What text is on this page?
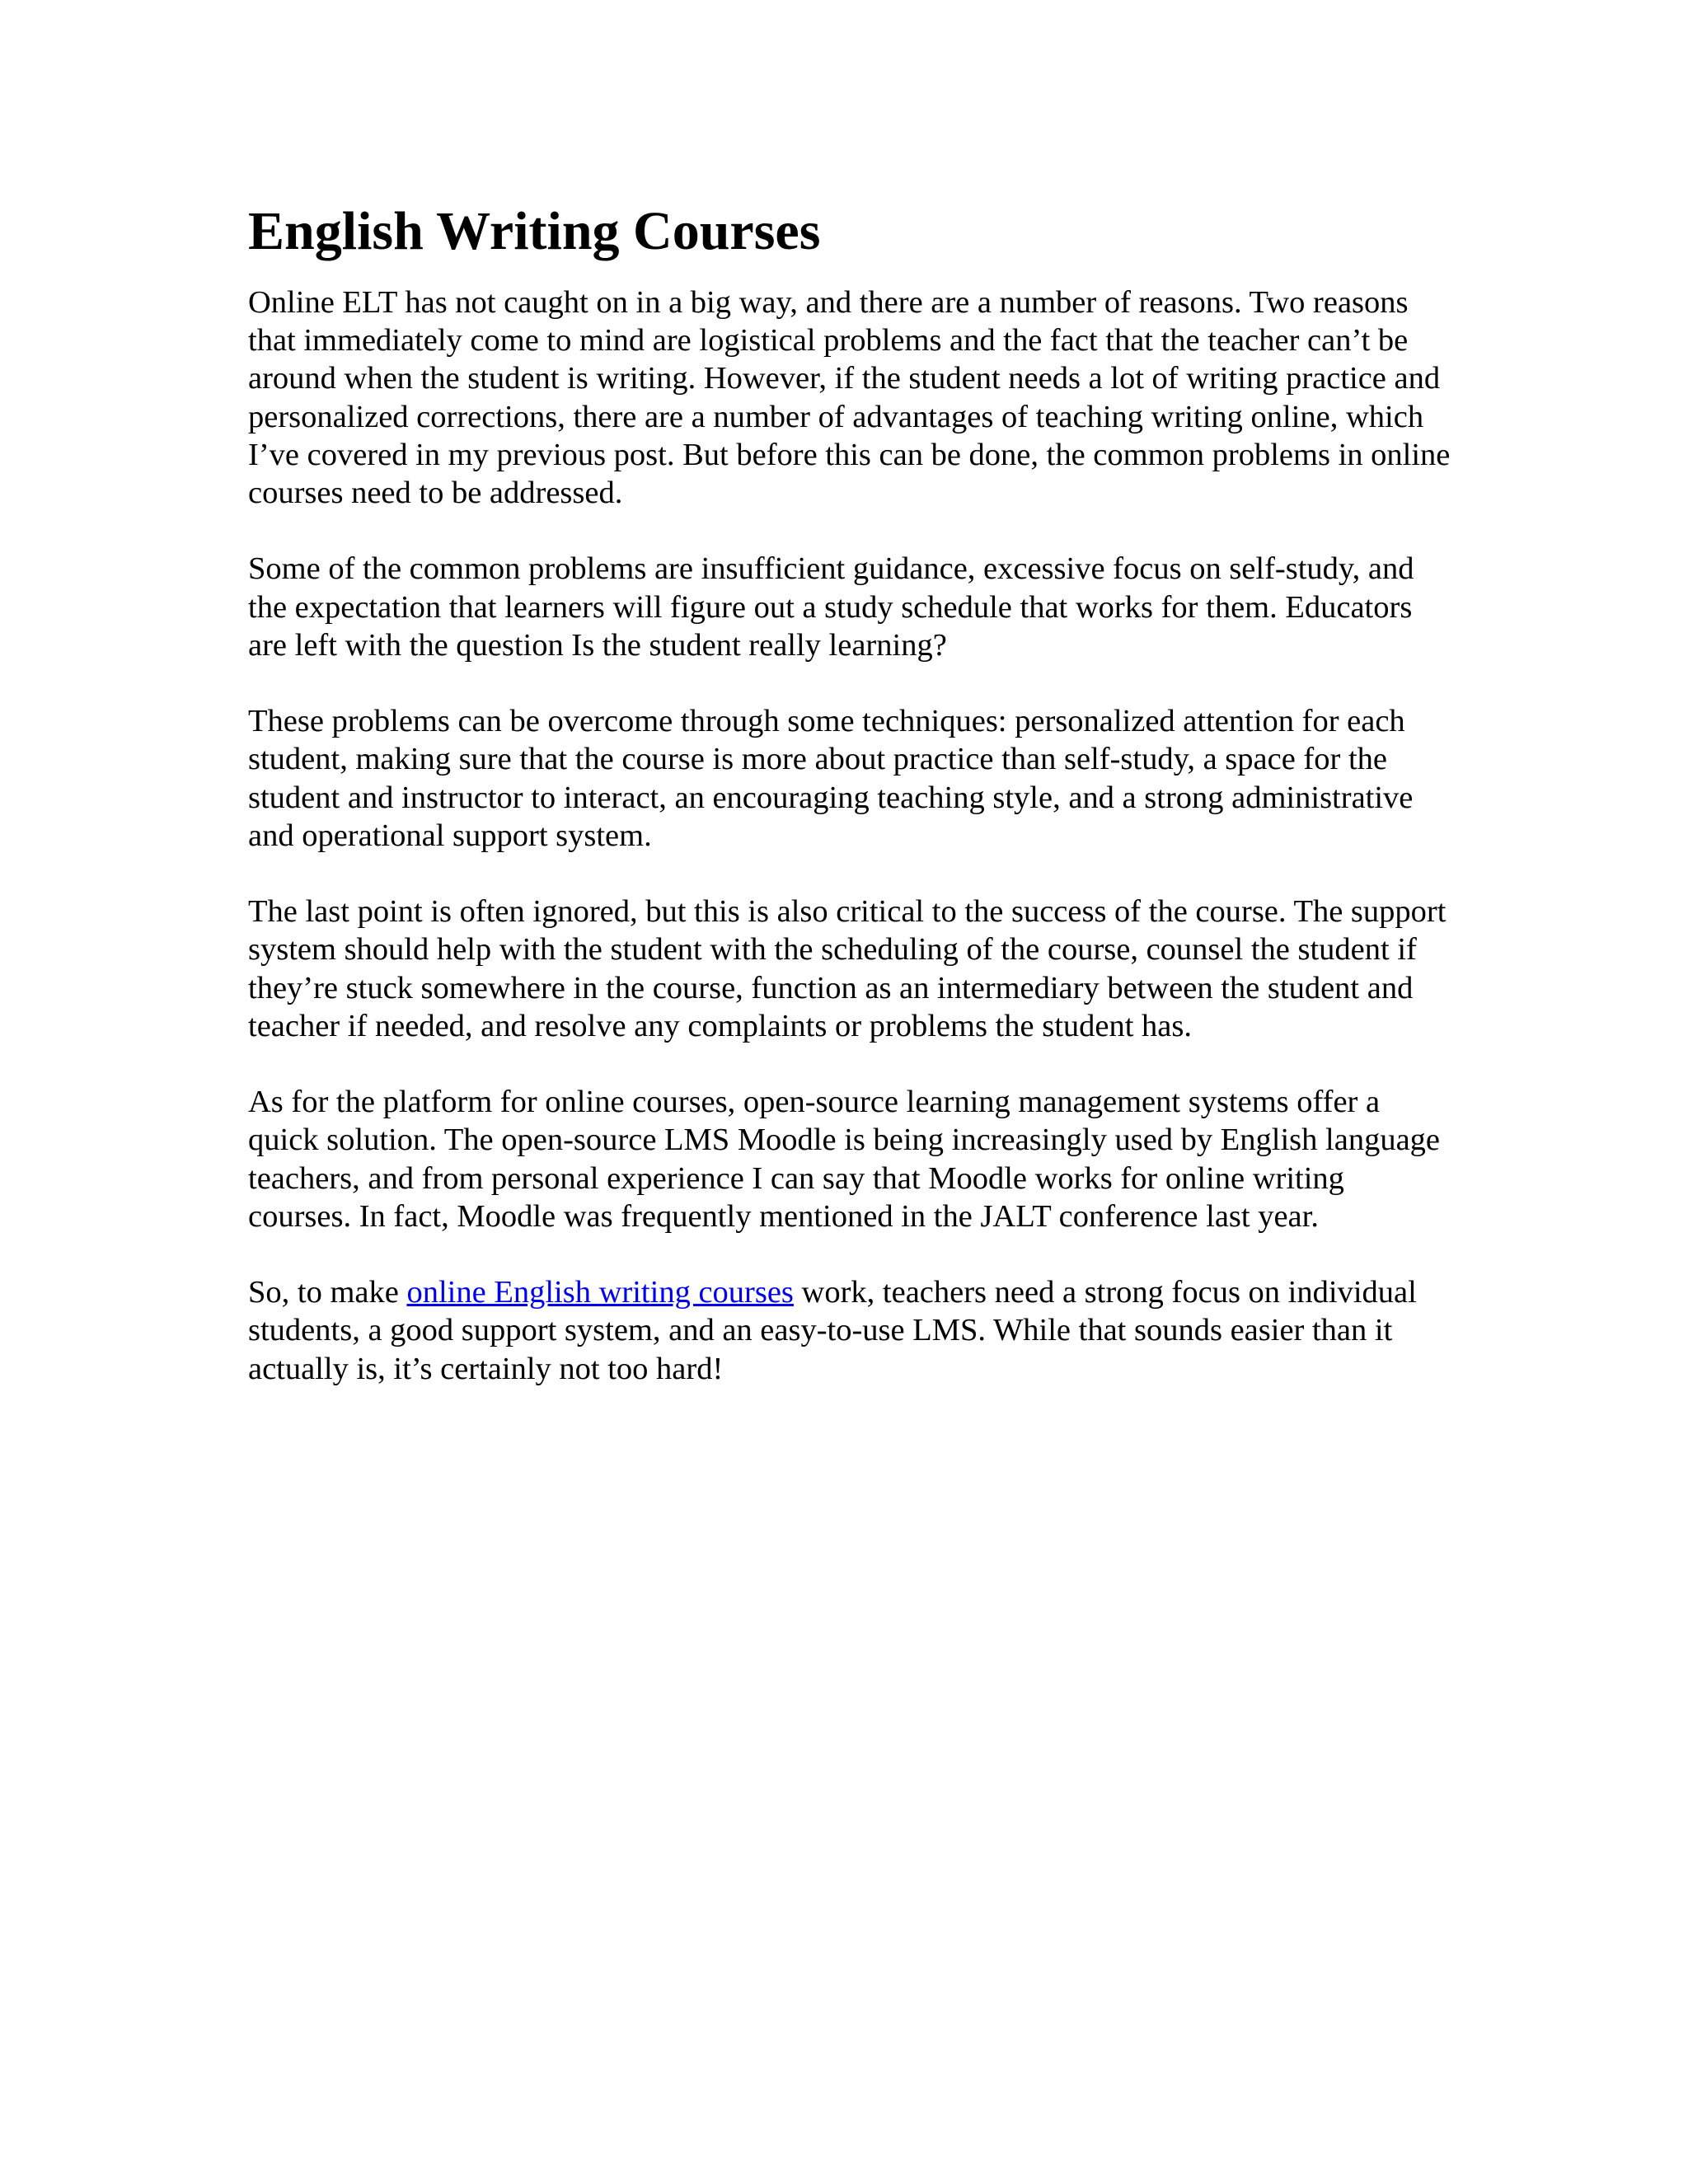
English Writing Courses

Online ELT has not caught on in a big way, and there are a number of reasons. Two reasons that immediately come to mind are logistical problems and the fact that the teacher can’t be around when the student is writing. However, if the student needs a lot of writing practice and personalized corrections, there are a number of advantages of teaching writing online, which I’ve covered in my previous post. But before this can be done, the common problems in online courses need to be addressed.

Some of the common problems are insufficient guidance, excessive focus on self-study, and the expectation that learners will figure out a study schedule that works for them. Educators are left with the question Is the student really learning?

These problems can be overcome through some techniques: personalized attention for each student, making sure that the course is more about practice than self-study, a space for the student and instructor to interact, an encouraging teaching style, and a strong administrative and operational support system.

The last point is often ignored, but this is also critical to the success of the course. The support system should help with the student with the scheduling of the course, counsel the student if they’re stuck somewhere in the course, function as an intermediary between the student and teacher if needed, and resolve any complaints or problems the student has.

As for the platform for online courses, open-source learning management systems offer a quick solution. The open-source LMS Moodle is being increasingly used by English language teachers, and from personal experience I can say that Moodle works for online writing courses. In fact, Moodle was frequently mentioned in the JALT conference last year.

So, to make online English writing courses work, teachers need a strong focus on individual students, a good support system, and an easy-to-use LMS. While that sounds easier than it actually is, it’s certainly not too hard!
